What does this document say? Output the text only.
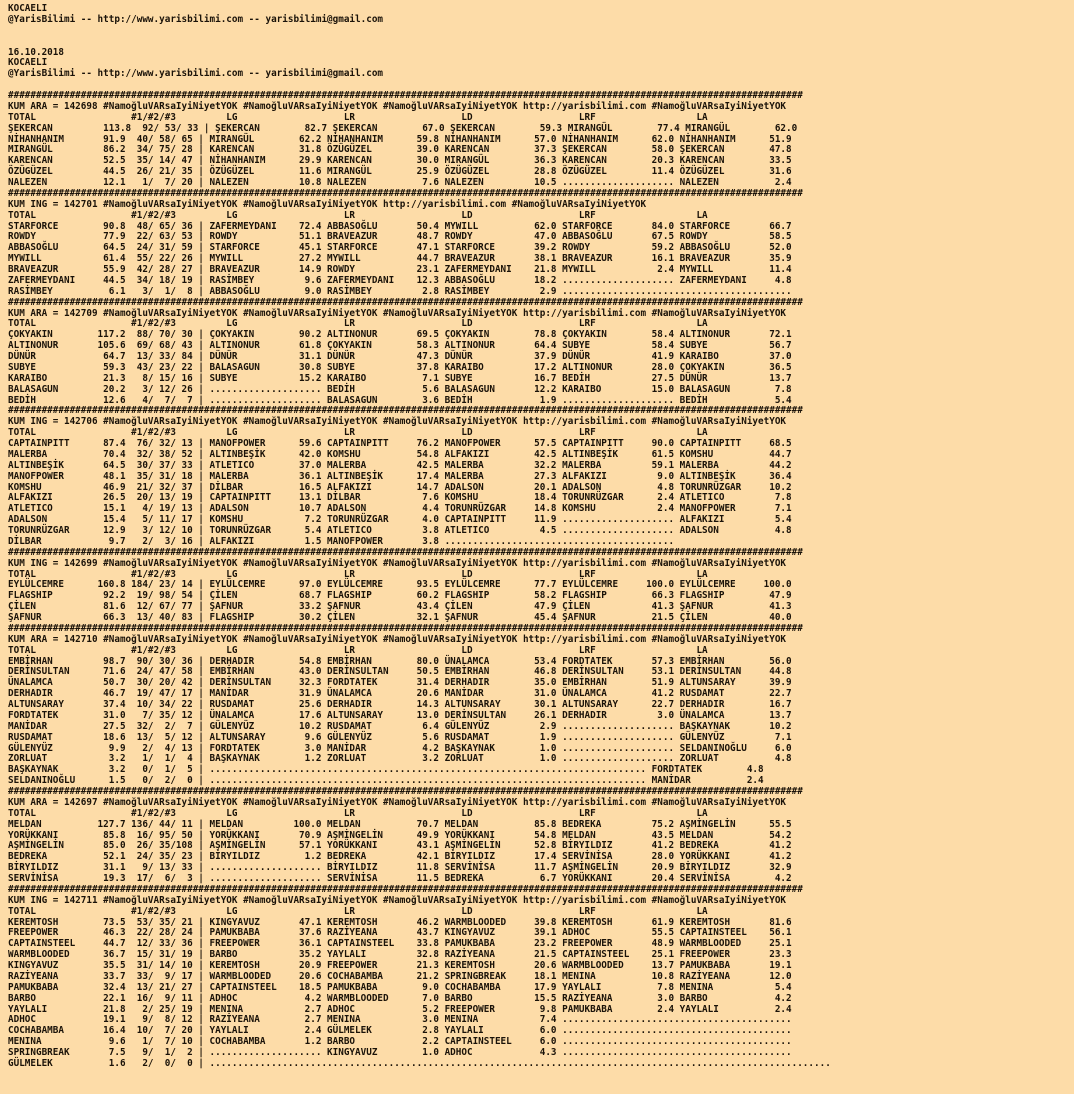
KOCAELI
@YarisBilimi -- http://www.yarisbilimi.com -- yarisbilimi@gmail.com

16.10.2018
KOCAELI
@YarisBilimi -- http://www.yarisbilimi.com -- yarisbilimi@gmail.com

##############################################################################################################################################
KUM ARA = 142698 #NamoğluVARsaIyiNiyetYOK #NamoğluVARsaIyiNiyetYOK #NamoğluVARsaIyiNiyetYOK http://yarisbilimi.com #NamoğluVARsaIyiNiyetYOK
TOTAL                 #1/#2/#3         LG                   LR                   LD                   LRF                  LA
ŞEKERCAN         113.8  92/ 53/ 33 | ŞEKERCAN        82.7 ŞEKERCAN        67.0 ŞEKERCAN        59.3 MIRANGÜL        77.4 MIRANGÜL        62.0
NİHANHANIM       91.9  40/ 58/ 65 | MIRANGÜL        62.2 NİHANHANIM      59.8 NİHANHANIM      57.0 NİHANHANIM      62.0 NİHANHANIM      51.9
MIRANGÜL         86.2  34/ 75/ 28 | KARENCAN        31.8 ÖZÜGÜZEL        39.0 KARENCAN        37.3 ŞEKERCAN        58.0 ŞEKERCAN        47.8
KARENCAN         52.5  35/ 14/ 47 | NİHANHANIM      29.9 KARENCAN        30.0 MIRANGÜL        36.3 KARENCAN        20.3 KARENCAN        33.5
ÖZÜGÜZEL         44.5  26/ 21/ 35 | ÖZÜGÜZEL        11.6 MIRANGÜL        25.9 ÖZÜGÜZEL        28.8 ÖZÜGÜZEL        11.4 ÖZÜGÜZEL        31.6
NALEZEN          12.1   1/  7/ 20 | NALEZEN         10.8 NALEZEN          7.6 NALEZEN         10.5 .................... NALEZEN          2.4
##############################################################################################################################################
KUM ING = 142701 #NamoğluVARsaIyiNiyetYOK #NamoğluVARsaIyiNiyetYOK http://yarisbilimi.com #NamoğluVARsaIyiNiyetYOK
TOTAL                 #1/#2/#3         LG                   LR                   LD                   LRF                  LA
STARFORCE        90.8  48/ 65/ 36 | ZAFERMEYDANI    72.4 ABBASOĞLU       50.4 MYWILL          62.0 STARFORCE       84.0 STARFORCE       66.7
ROWDY            77.9  22/ 63/ 53 | ROWDY           51.1 BRAVEAZUR       48.7 ROWDY           47.0 ABBASOĞLU       67.5 ROWDY           58.5
ABBASOĞLU        64.5  24/ 31/ 59 | STARFORCE       45.1 STARFORCE       47.1 STARFORCE       39.2 ROWDY           59.2 ABBASOĞLU       52.0
MYWILL           61.4  55/ 22/ 26 | MYWILL          27.2 MYWILL          44.7 BRAVEAZUR       38.1 BRAVEAZUR       16.1 BRAVEAZUR       35.9
BRAVEAZUR        55.9  42/ 28/ 27 | BRAVEAZUR       14.9 ROWDY           23.1 ZAFERMEYDANI    21.8 MYWILL           2.4 MYWILL          11.4
ZAFERMEYDANI     44.5  34/ 18/ 19 | RASİMBEY         9.6 ZAFERMEYDANI    12.3 ABBASOĞLU       18.2 .................... ZAFERMEYDANI     4.8
RASİMBEY          6.1   3/  1/  8 | ABBASOĞLU        9.0 RASİMBEY         2.8 RASİMBEY         2.9 .........................................
##############################################################################################################################################
KUM ARA = 142709 #NamoğluVARsaIyiNiyetYOK #NamoğluVARsaIyiNiyetYOK #NamoğluVARsaIyiNiyetYOK http://yarisbilimi.com #NamoğluVARsaIyiNiyetYOK
TOTAL                 #1/#2/#3         LG                   LR                   LD                   LRF                  LA
ÇOKYAKIN        117.2  88/ 70/ 30 | ÇOKYAKIN        90.2 ALTINONUR       69.5 ÇOKYAKIN        78.8 ÇOKYAKIN        58.4 ALTINONUR       72.1
ALTINONUR       105.6  69/ 68/ 43 | ALTINONUR       61.8 ÇOKYAKIN        58.3 ALTINONUR       64.4 SUBYE           58.4 SUBYE           56.7
DÜNÜR            64.7  13/ 33/ 84 | DÜNÜR           31.1 DÜNÜR           47.3 DÜNÜR           37.9 DÜNÜR           41.9 KARAIBO         37.0
SUBYE            59.3  43/ 23/ 22 | BALASAGUN       30.8 SUBYE           37.8 KARAIBO         17.2 ALTINONUR       28.0 ÇOKYAKIN        36.5
KARAIBO          21.3   8/ 15/ 16 | SUBYE           15.2 KARAIBO          7.1 SUBYE           16.7 BEDİH           27.5 DÜNÜR           13.7
BALASAGUN        20.2   3/ 12/ 26 | .................... BEDİH            5.6 BALASAGUN       12.2 KARAIBO         15.0 BALASAGUN        7.8
BEDİH            12.6   4/  7/  7 | .................... BALASAGUN        3.6 BEDİH            1.9 .................... BEDİH            5.4
##############################################################################################################################################
KUM ING = 142706 #NamoğluVARsaIyiNiyetYOK #NamoğluVARsaIyiNiyetYOK #NamoğluVARsaIyiNiyetYOK http://yarisbilimi.com #NamoğluVARsaIyiNiyetYOK
TOTAL                 #1/#2/#3         LG                   LR                   LD                   LRF                  LA
CAPTAINPITT      87.4  76/ 32/ 13 | MANOFPOWER      59.6 CAPTAINPITT     76.2 MANOFPOWER      57.5 CAPTAINPITT     90.0 CAPTAINPITT     68.5
MALERBA          70.4  32/ 38/ 52 | ALTINBEŞİK      42.0 KOMSHU          54.8 ALFAKIZI        42.5 ALTINBEŞİK      61.5 KOMSHU          44.7
ALTINBEŞİK       64.5  30/ 37/ 33 | ATLETICO        37.0 MALERBA         42.5 MALERBA         32.2 MALERBA         59.1 MALERBA         44.2
MANOFPOWER       48.1  35/ 31/ 18 | MALERBA         36.1 ALTINBEŞİK      17.4 MALERBA         27.3 ALFAKIZI         9.0 ALTINBEŞİK      36.4
KOMSHU           46.9  21/ 32/ 37 | DİLBAR          16.5 ALFAKIZI        14.7 ADALSON         20.1 ADALSON          4.8 TORUNRÜZGAR     10.2
ALFAKIZI         26.5  20/ 13/ 19 | CAPTAINPITT     13.1 DİLBAR           7.6 KOMSHU          18.4 TORUNRÜZGAR      2.4 ATLETICO         7.8
ATLETICO         15.1   4/ 19/ 13 | ADALSON         10.7 ADALSON          4.4 TORUNRÜZGAR     14.8 KOMSHU           2.4 MANOFPOWER       7.1
ADALSON          15.4   5/ 11/ 17 | KOMSHU           7.2 TORUNRÜZGAR      4.0 CAPTAINPITT     11.9 .................... ALFAKIZI         5.4
TORUNRÜZGAR      12.9   3/ 12/ 10 | TORUNRÜZGAR      5.4 ATLETICO         3.8 ATLETICO         4.5 .................... ADALSON          4.8
DİLBAR            9.7   2/  3/ 16 | ALFAKIZI         1.5 MANOFPOWER       3.8 .........................................
##############################################################################################################################################
KUM ING = 142699 #NamoğluVARsaIyiNiyetYOK #NamoğluVARsaIyiNiyetYOK #NamoğluVARsaIyiNiyetYOK http://yarisbilimi.com #NamoğluVARsaIyiNiyetYOK
TOTAL                 #1/#2/#3         LG                   LR                   LD                   LRF                  LA
EYLÜLCEMRE      160.8 184/ 23/ 14 | EYLÜLCEMRE      97.0 EYLÜLCEMRE      93.5 EYLÜLCEMRE      77.7 EYLÜLCEMRE     100.0 EYLÜLCEMRE     100.0
FLAGSHIP         92.2  19/ 98/ 54 | ÇİLEN           68.7 FLAGSHIP        60.2 FLAGSHIP        58.2 FLAGSHIP        66.3 FLAGSHIP        47.9
ÇİLEN            81.6  12/ 67/ 77 | ŞAFNUR          33.2 ŞAFNUR          43.4 ÇİLEN           47.9 ÇİLEN           41.3 ŞAFNUR          41.3
ŞAFNUR           66.3  13/ 40/ 83 | FLAGSHIP        30.2 ÇİLEN           32.1 ŞAFNUR          45.4 ŞAFNUR          21.5 ÇİLEN           40.0
##############################################################################################################################################
KUM ARA = 142710 #NamoğluVARsaIyiNiyetYOK #NamoğluVARsaIyiNiyetYOK #NamoğluVARsaIyiNiyetYOK http://yarisbilimi.com #NamoğluVARsaIyiNiyetYOK
TOTAL                 #1/#2/#3         LG                   LR                   LD                   LRF                  LA
EMBİRHAN         98.7  90/ 30/ 36 | DERHADIR        54.8 EMBİRHAN        80.0 ÜNALAMCA        53.4 FORDTATEK       57.3 EMBİRHAN        56.0
DERİNSULTAN      71.6  24/ 47/ 58 | EMBİRHAN        43.0 DERİNSULTAN     50.5 EMBİRHAN        46.8 DERİNSULTAN     53.1 DERİNSULTAN     44.8
ÜNALAMCA         50.7  30/ 20/ 42 | DERİNSULTAN     32.3 FORDTATEK       31.4 DERHADIR        35.0 EMBİRHAN        51.9 ALTUNSARAY      39.9
DERHADIR         46.7  19/ 47/ 17 | MANİDAR         31.9 ÜNALAMCA        20.6 MANİDAR         31.0 ÜNALAMCA        41.2 RUSDAMAT        22.7
ALTUNSARAY       37.4  10/ 34/ 22 | RUSDAMAT        25.6 DERHADIR        14.3 ALTUNSARAY      30.1 ALTUNSARAY      22.7 DERHADIR        16.7
FORDTATEK        31.0   7/ 35/ 12 | ÜNALAMCA        17.6 ALTUNSARAY      13.0 DERİNSULTAN     26.1 DERHADIR         3.0 ÜNALAMCA        13.7
MANİDAR          27.5  32/  2/  7 | GÜLENYÜZ        10.2 RUSDAMAT         6.4 GÜLENYÜZ         2.9 .................... BAŞKAYNAK       10.2
RUSDAMAT         18.6  13/  5/ 12 | ALTUNSARAY       9.6 GÜLENYÜZ         5.6 RUSDAMAT         1.9 .................... GÜLENYÜZ         7.1
GÜLENYÜZ          9.9   2/  4/ 13 | FORDTATEK        3.0 MANİDAR          4.2 BAŞKAYNAK        1.0 .................... SELDANINOĞLU     6.0
ZORLUAT           3.2   1/  1/  4 | BAŞKAYNAK        1.2 ZORLUAT          3.2 ZORLUAT          1.0 .................... ZORLUAT          4.8
BAŞKAYNAK         3.2   0/  1/  5 | .............................................................................. FORDTATEK        4.8
SELDANINOĞLU      1.5   0/  2/  0 | .............................................................................. MANİDAR          2.4
##############################################################################################################################################
KUM ARA = 142697 #NamoğluVARsaIyiNiyetYOK #NamoğluVARsaIyiNiyetYOK #NamoğluVARsaIyiNiyetYOK http://yarisbilimi.com #NamoğluVARsaIyiNiyetYOK
TOTAL                 #1/#2/#3         LG                   LR                   LD                   LRF                  LA
MELDAN          127.7 136/ 44/ 11 | MELDAN         100.0 MELDAN          70.7 MELDAN          85.8 BEDREKA         75.2 AŞMİNGELİN      55.5
YORÜKKANI        85.8  16/ 95/ 50 | YORÜKKANI       70.9 AŞMİNGELİN      49.9 YORÜKKANI       54.8 MELDAN          43.5 MELDAN          54.2
AŞMİNGELİN       85.0  26/ 35/108 | AŞMİNGELİN      57.1 YORÜKKANI       43.1 AŞMİNGELİN      52.8 BİRYILDIZ       41.2 BEDREKA         41.2
BEDREKA          52.1  24/ 35/ 23 | BİRYILDIZ        1.2 BEDREKA         42.1 BİRYILDIZ       17.4 SERVİNİSA       28.0 YORÜKKANI       41.2
BİRYILDIZ        31.1   9/ 13/ 33 | .................... BİRYILDIZ       11.8 SERVİNİSA       11.7 AŞMİNGELİN      20.9 BİRYILDIZ       32.9
SERVİNİSA        19.3  17/  6/  3 | .................... SERVİNİSA       11.5 BEDREKA          6.7 YORÜKKANI       20.4 SERVİNİSA        4.2
##############################################################################################################################################
KUM ING = 142711 #NamoğluVARsaIyiNiyetYOK #NamoğluVARsaIyiNiyetYOK #NamoğluVARsaIyiNiyetYOK http://yarisbilimi.com #NamoğluVARsaIyiNiyetYOK
TOTAL                 #1/#2/#3         LG                   LR                   LD                   LRF                  LA
KEREMTOSH        73.5  53/ 35/ 21 | KINGYAVUZ       47.1 KEREMTOSH       46.2 WARMBLOODED     39.8 KEREMTOSH       61.9 KEREMTOSH       81.6
FREEPOWER        46.3  22/ 28/ 24 | PAMUKBABA       37.6 RAZİYEANA       43.7 KINGYAVUZ       39.1 ADHOC           55.5 CAPTAINSTEEL    56.1
CAPTAINSTEEL     44.7  12/ 33/ 36 | FREEPOWER       36.1 CAPTAINSTEEL    33.8 PAMUKBABA       23.2 FREEPOWER       48.9 WARMBLOODED     25.1
WARMBLOODED      36.7  15/ 31/ 19 | BARBO           35.2 YAYLALI         32.8 RAZİYEANA       21.5 CAPTAINSTEEL    25.1 FREEPOWER       23.3
KINGYAVUZ        35.5  31/ 14/ 10 | KEREMTOSH       20.9 FREEPOWER       21.3 KEREMTOSH       20.6 WARMBLOODED     13.7 PAMUKBABA       19.1
RAZİYEANA        33.7  33/  9/ 17 | WARMBLOODED     20.6 COCHABAMBA      21.2 SPRINGBREAK     18.1 MENINA          10.8 RAZİYEANA       12.0
PAMUKBABA        32.4  13/ 21/ 27 | CAPTAINSTEEL    18.5 PAMUKBABA        9.0 COCHABAMBA      17.9 YAYLALI          7.8 MENINA           5.4
BARBO            22.1  16/  9/ 11 | ADHOC            4.2 WARMBLOODED      7.0 BARBO           15.5 RAZİYEANA        3.0 BARBO            4.2
YAYLALI          21.8   2/ 25/ 19 | MENINA           2.7 ADHOC            5.2 FREEPOWER        9.8 PAMUKBABA        2.4 YAYLALI          2.4
ADHOC            19.1   9/  8/ 12 | RAZİYEANA        2.7 MENINA           3.0 MENINA           7.4 .........................................
COCHABAMBA       16.4  10/  7/ 20 | YAYLALI          2.4 GÜLMELEK         2.8 YAYLALI          6.0 .........................................
MENINA            9.6   1/  7/ 10 | COCHABAMBA       1.2 BARBO            2.2 CAPTAINSTEEL     6.0 .........................................
SPRINGBREAK       7.5   9/  1/  2 | .................... KINGYAVUZ        1.0 ADHOC            4.3 .........................................
GÜLMELEK          1.6   2/  0/  0 | ...............................................................................................................
